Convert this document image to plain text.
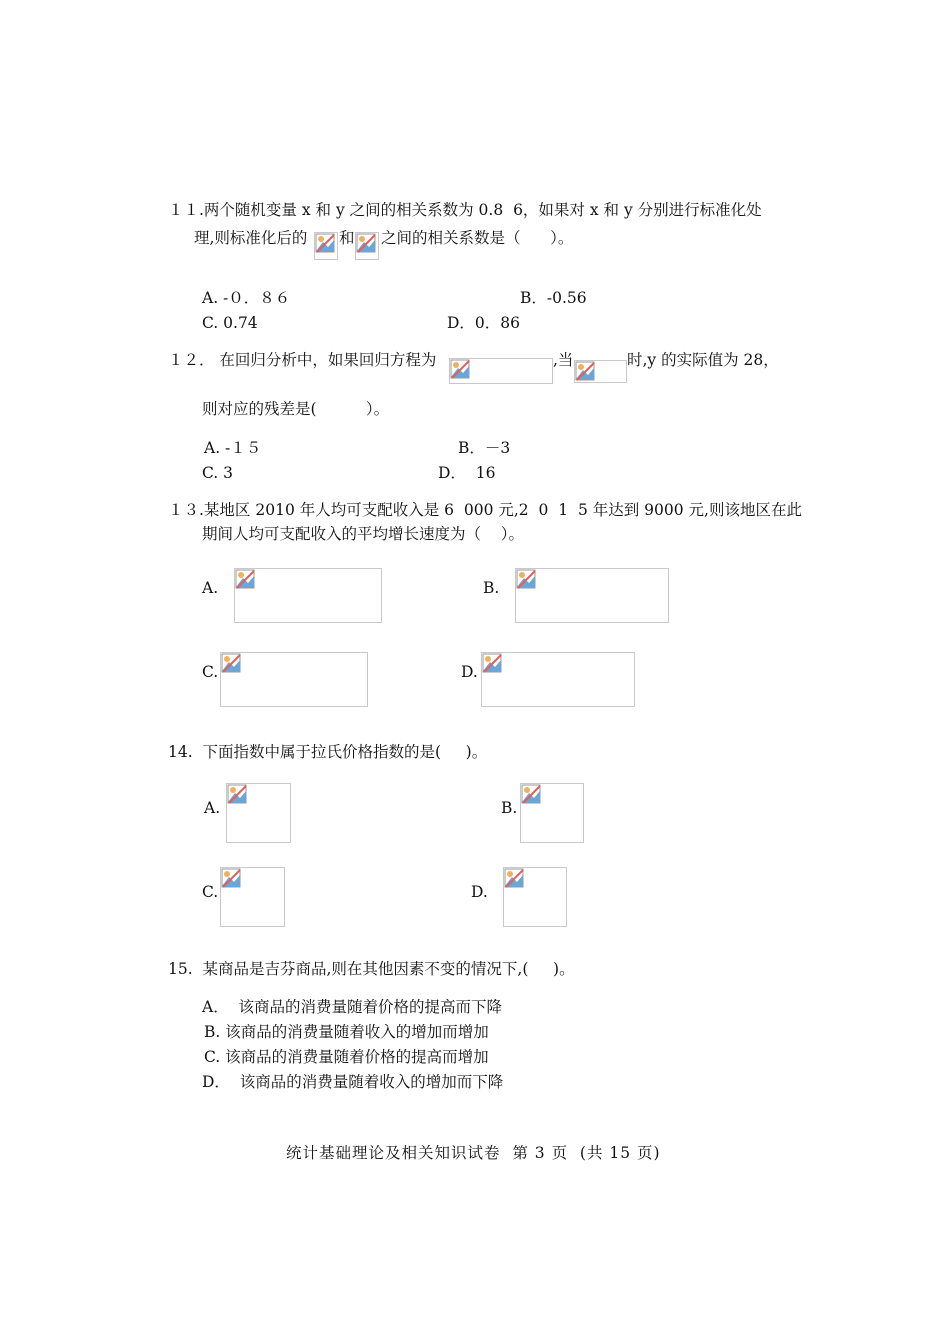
１１.两个随机变量 x 和 y 之间的相关系数为 0.8  6，如果对 x 和 y 分别进行标准化处
理,则标准化后的 和 之间的相关系数是（      ）。
A. -０．８６	B．-0.56
C. 0.74	D．0．86
１２． 在回归分析中，如果回归方程为	,当	时,y 的实际值为 28，
则对应的残差是(          ）。
A. -１５	B．－3
C. 3	D．  16
１３.某地区 2010 年人均可支配收入是 6  000 元,2  0  1  5 年达到 9000 元,则该地区在此
期间人均可支配收入的平均增长速度为（    ）。
A.	B.
C.	D.
14.  下面指数中属于拉氏价格指数的是(     )。
A.	B.
C.	D.
15.  某商品是吉芬商品,则在其他因素不变的情况下,(     )。
A．  该商品的消费量随着价格的提高而下降
B. 该商品的消费量随着收入的增加而增加
C. 该商品的消费量随着价格的提高而增加
D．  该商品的消费量随着收入的增加而下降
统计基础理论及相关知识试卷  第 3 页  (共 15 页)
